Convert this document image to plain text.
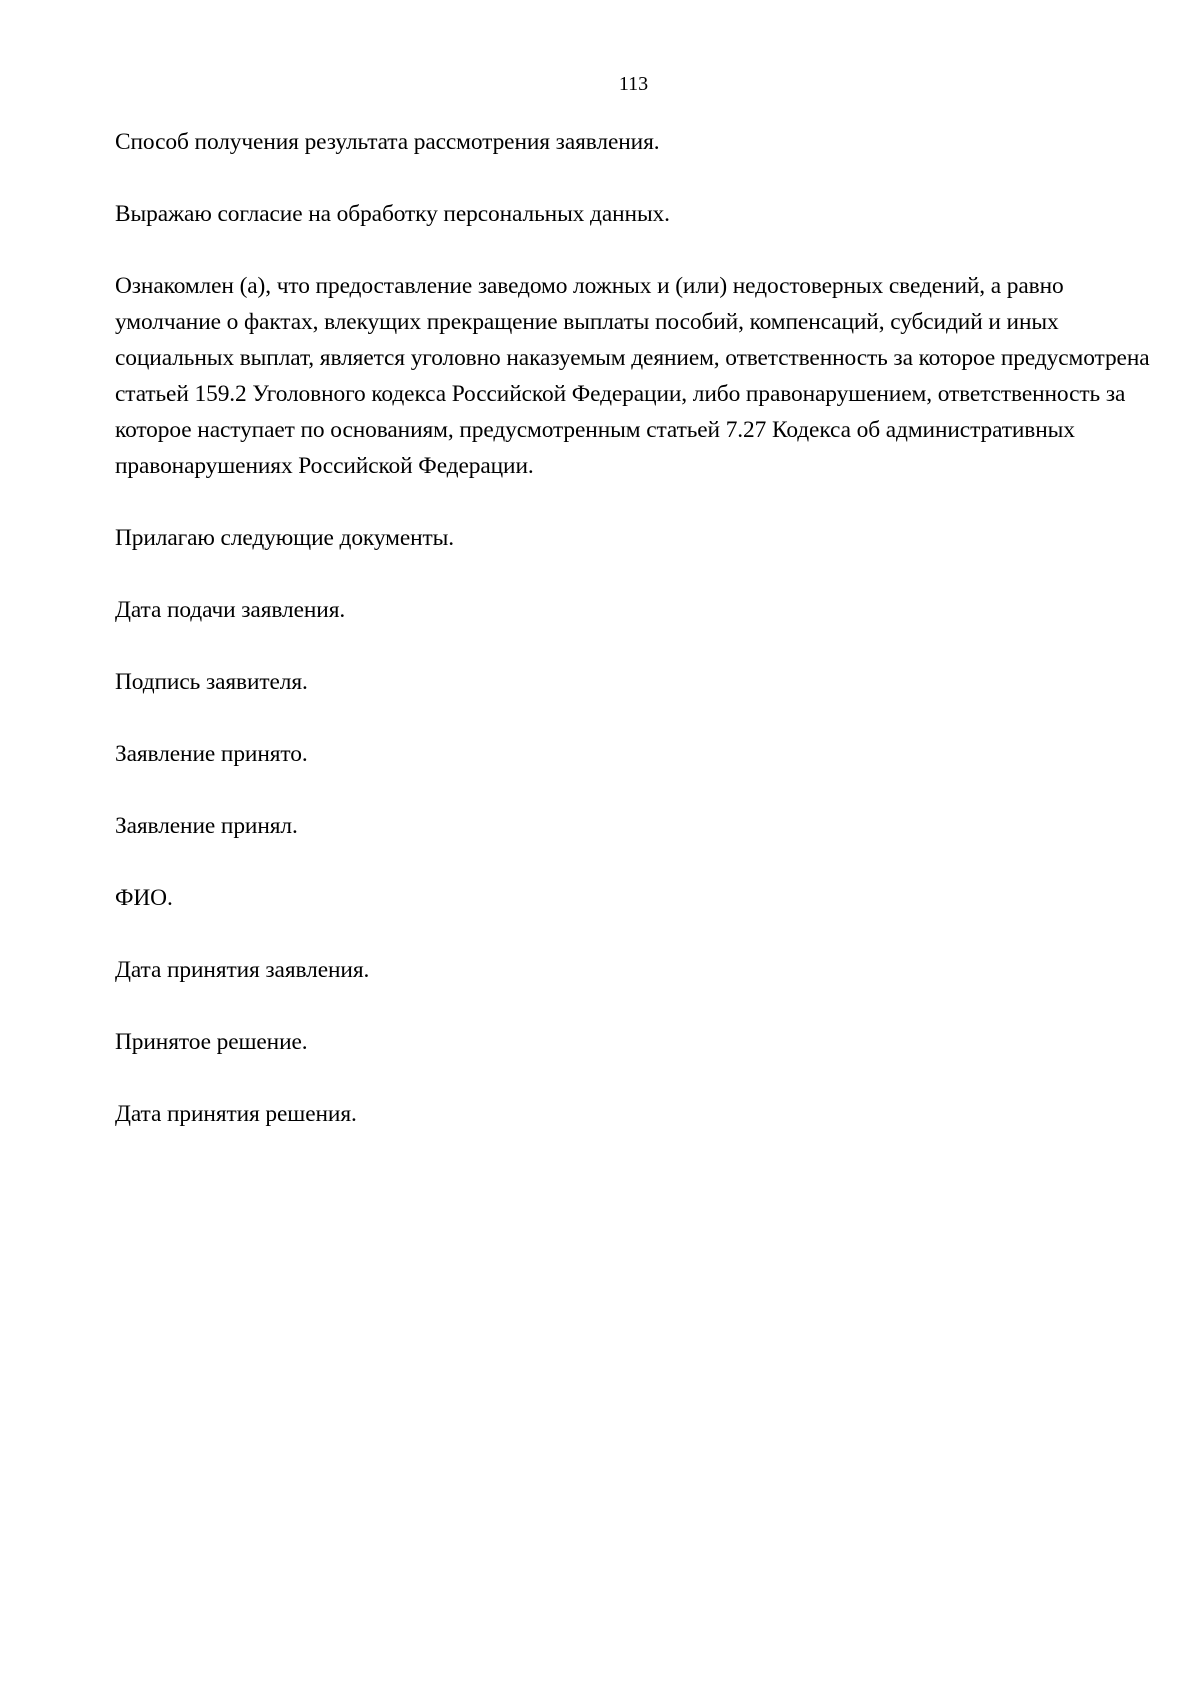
113

Способ получения результата рассмотрения заявления.

Выражаю согласие на обработку персональных данных.

Ознакомлен (а), что предоставление заведомо ложных и (или) недостоверных сведений, а равно умолчание о фактах, влекущих прекращение выплаты пособий, компенсаций, субсидий и иных социальных выплат, является уголовно наказуемым деянием, ответственность за которое предусмотрена статьей 159.2 Уголовного кодекса Российской Федерации, либо правонарушением, ответственность за которое наступает по основаниям, предусмотренным статьей 7.27 Кодекса об административных правонарушениях Российской Федерации.

Прилагаю следующие документы.

Дата подачи заявления.

Подпись заявителя.

Заявление принято.

Заявление принял.

ФИО.

Дата принятия заявления.

Принятое решение.

Дата принятия решения.
